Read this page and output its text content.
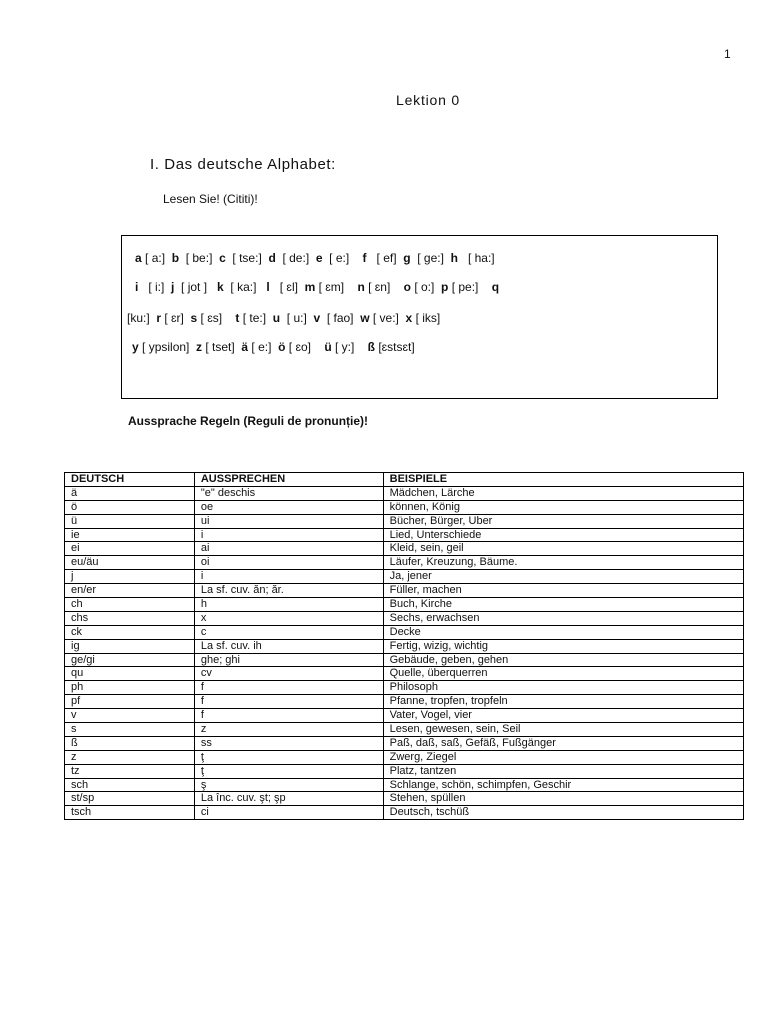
1
Lektion 0
I. Das deutsche Alphabet:
Lesen Sie! (Cititi)!
a [ a:]  b  [ be:]  c  [ tse:]  d  [ de:]  e  [ e:]    f   [ ef]  g  [ ge:]  h   [ ha:]
i   [ i:]  j  [ jot ]   k  [ ka:]   l   [ ɛl]  m [ ɛm]    n [ ɛn]    o [ o:]  p [ pe:]    q
[ku:]  r [ ɛr]  s [ ɛs]    t [ te:]  u  [ u:]  v  [ fao]  w [ ve:]  x [ iks]
y [ ypsilon]  z [ tset]  ä [ e:]  ö [ ɛo]    ü [ y:]    ß [ɛstsɛt]
Aussprache Regeln (Reguli de pronunție)!
DEUTSCH	AUSSPRECHEN	BEISPIELE
ä	"e" deschis	Mädchen, Lärche
ö	oe	können, König
ü	ui	Bücher, Bürger, Uber
ie	i	Lied, Unterschiede
ei	ai	Kleid, sein, geil
eu/äu	oi	Läufer, Kreuzung, Bäume.
j	i	Ja, jener
en/er	La sf. cuv. ăn; ăr.	Füller, machen
ch	h	Buch, Kirche
chs	x	Sechs, erwachsen
ck	c	Decke
ig	La sf. cuv. ih	Fertig, wizig, wichtig
ge/gi	ghe; ghi	Gebäude, geben, gehen
qu	cv	Quelle, überquerren
ph	f	Philosoph
pf	f	Pfanne, tropfen, tropfeln
v	f	Vater, Vogel, vier
s	z	Lesen, gewesen, sein, Seil
ß	ss	Paß, daß, saß, Gefäß, Fußgänger
z	ţ	Zwerg, Ziegel
tz	ţ	Platz, tantzen
sch	ş	Schlange, schön, schimpfen, Geschir
st/sp	La înc. cuv. şt; şp	Stehen, spüllen
tsch	ci	Deutsch, tschüß
